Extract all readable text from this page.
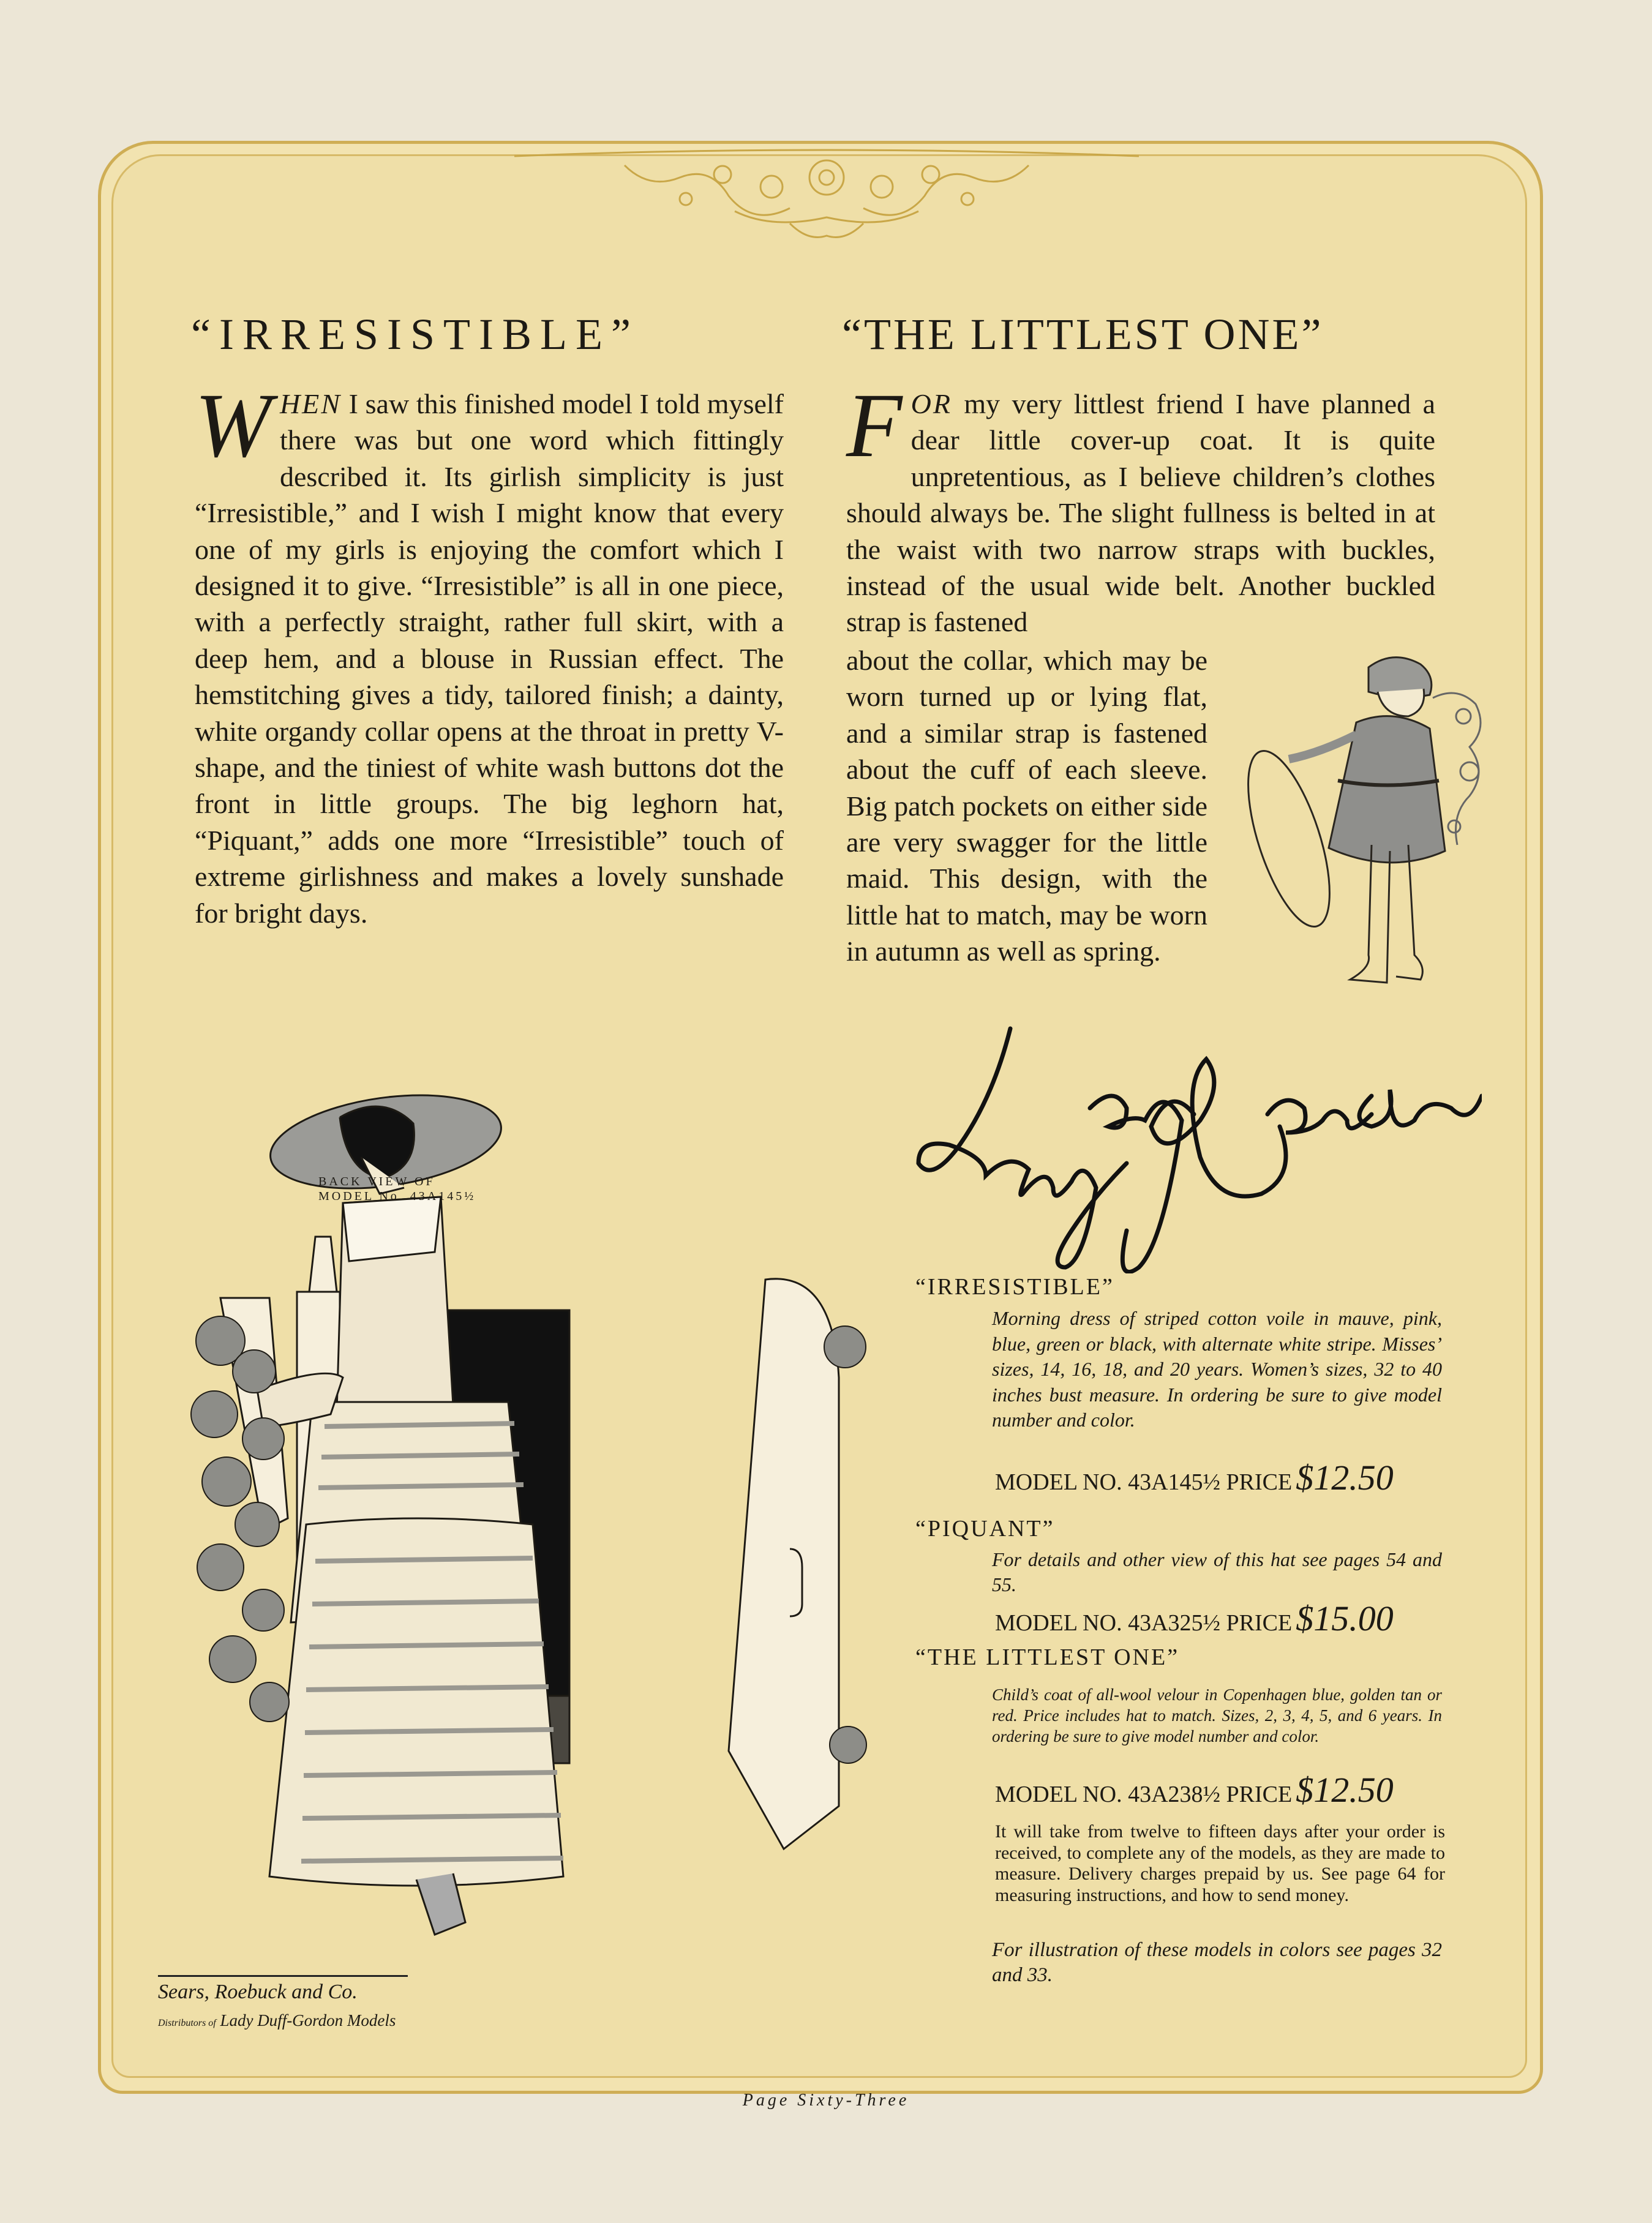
“IRRESISTIBLE”	“THE LITTLEST ONE”

WHEN I saw this finished model I told myself there was but one word which fittingly described it. Its girlish simplicity is just “Irresistible,” and I wish I might know that every one of my girls is enjoying the comfort which I designed it to give. “Irresistible” is all in one piece, with a perfectly straight, rather full skirt, with a deep hem, and a blouse in Russian effect. The hemstitching gives a tidy, tailored finish; a dainty, white organdy collar opens at the throat in pretty V-shape, and the tiniest of white wash buttons dot the front in little groups. The big leghorn hat, “Piquant,” adds one more “Irresistible” touch of extreme girlishness and makes a lovely sunshade for bright days.

FOR my very littlest friend I have planned a dear little cover-up coat. It is quite unpretentious, as I believe children’s clothes should always be. The slight fullness is belted in at the waist with two narrow straps with buckles, instead of the usual wide belt. Another buckled strap is fastened

about the collar, which may be worn turned up or lying flat, and a similar strap is fastened about the cuff of each sleeve. Big patch pockets on either side are very swagger for the little maid. This design, with the little hat to match, may be worn in autumn as well as spring.

BACK VIEW OF
MODEL No. 43A145½
“IRRESISTIBLE”

Morning dress of striped cotton voile in mauve, pink, blue, green or black, with alternate white stripe. Misses’ sizes, 14, 16, 18, and 20 years. Women’s sizes, 32 to 40 inches bust measure. In ordering be sure to give model number and color.

MODEL NO. 43A145½ PRICE $12.50
“PIQUANT”

For details and other view of this hat see pages 54 and 55.

MODEL NO. 43A325½ PRICE $15.00
“THE LITTLEST ONE”

Child’s coat of all-wool velour in Copenhagen blue, golden tan or red. Price includes hat to match. Sizes, 2, 3, 4, 5, and 6 years. In ordering be sure to give model number and color.

MODEL NO. 43A238½ PRICE $12.50

It will take from twelve to fifteen days after your order is received, to complete any of the models, as they are made to measure. Delivery charges prepaid by us. See page 64 for measuring instructions, and how to send money.

For illustration of these models in colors see pages 32 and 33.

Sears, Roebuck and Co.
Distributors of Lady Duff-Gordon Models
Page Sixty-Three
